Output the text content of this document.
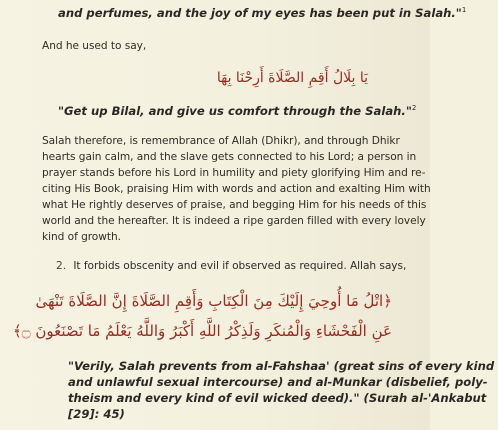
and perfumes, and the joy of my eyes has been put in Salah."$^1$
And he used to say,
يَا بِلَالُ أَقِمِ الصَّلَاةَ أَرِحْنَا بِهَا
"Get up Bilal, and give us comfort through the Salah."$^2$
Salah therefore, is remembrance of Allah (Dhikr), and through Dhikr
hearts gain calm, and the slave gets connected to his Lord; a person in
prayer stands before his Lord in humility and piety glorifying Him and re-
citing His Book, praising Him with words and action and exalting Him with
what He rightly deserves of praise, and begging Him for his needs of this
world and the hereafter. It is indeed a ripe garden filled with every lovely
kind of growth.
2. It forbids obscenity and evil if observed as required. Allah says,
﴿اتْلُ مَا أُوحِيَ إِلَيْكَ مِنَ الْكِتَابِ وَأَقِمِ الصَّلَاةَ إِنَّ الصَّلَاةَ تَنْهَىٰ
عَنِ الْفَحْشَاءِ وَالْمُنكَرِ وَلَذِكْرُ اللَّهِ أَكْبَرُ وَاللَّهُ يَعْلَمُ مَا تَصْنَعُونَ ۝﴾
"Verily, Salah prevents from al-Fahshaa' (great sins of every kind
and unlawful sexual intercourse) and al-Munkar (disbelief, poly-
theism and every kind of evil wicked deed)." (Surah al-'Ankabut
[29]: 45)
